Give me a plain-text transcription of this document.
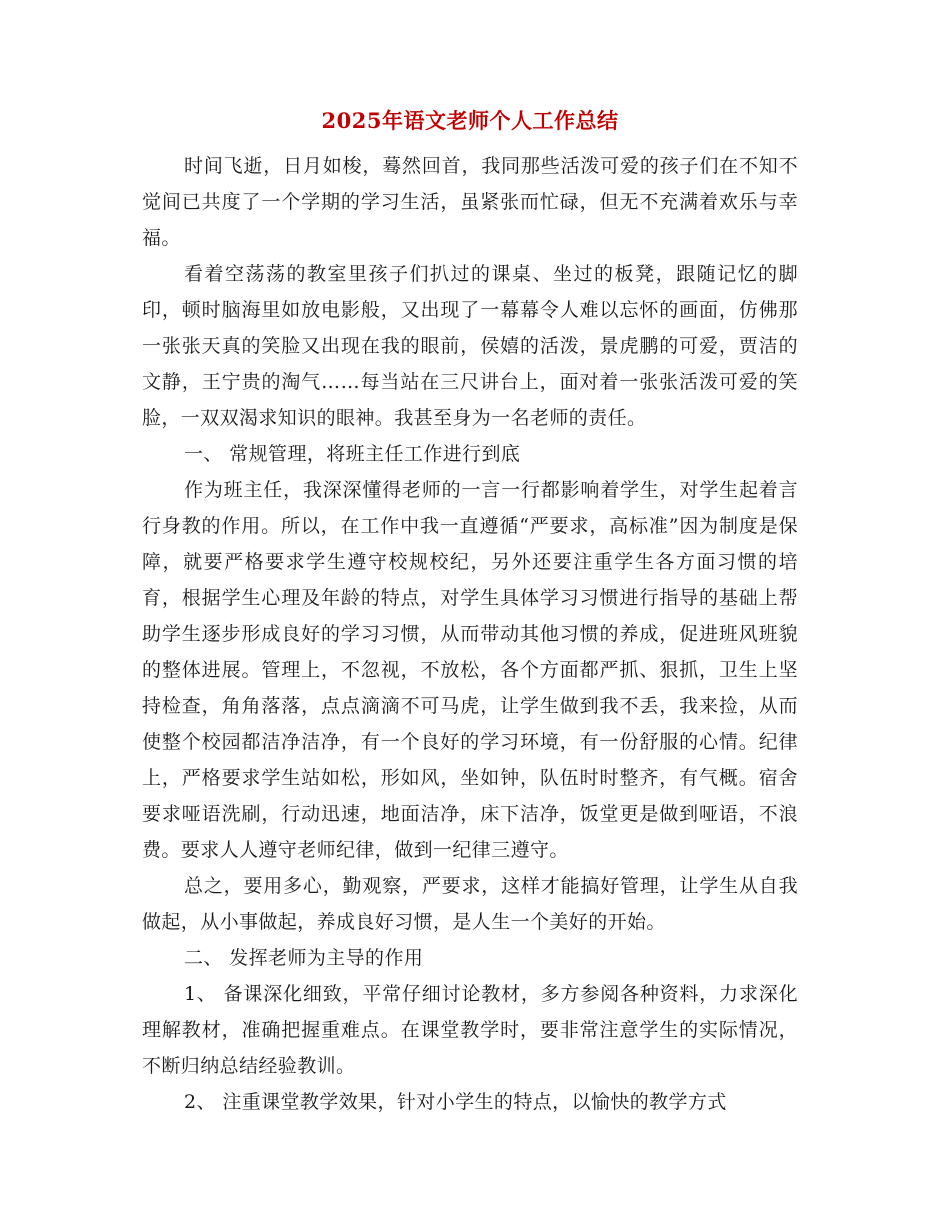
2025年语文老师个人工作总结

时间飞逝，日月如梭，蓦然回首，我同那些活泼可爱的孩子们在不知不觉间已共度了一个学期的学习生活，虽紧张而忙碌，但无不充满着欢乐与幸福。

看着空荡荡的教室里孩子们扒过的课桌、坐过的板凳，跟随记忆的脚印，顿时脑海里如放电影般，又出现了一幕幕令人难以忘怀的画面，仿佛那一张张天真的笑脸又出现在我的眼前，侯嬉的活泼，景虎鹏的可爱，贾洁的文静，王宁贵的淘气……每当站在三尺讲台上，面对着一张张活泼可爱的笑脸，一双双渴求知识的眼神。我甚至身为一名老师的责任。

一、 常规管理，将班主任工作进行到底

作为班主任，我深深懂得老师的一言一行都影响着学生，对学生起着言行身教的作用。所以，在工作中我一直遵循“严要求，高标准”因为制度是保障，就要严格要求学生遵守校规校纪，另外还要注重学生各方面习惯的培育，根据学生心理及年龄的特点，对学生具体学习习惯进行指导的基础上帮助学生逐步形成良好的学习习惯，从而带动其他习惯的养成，促进班风班貌的整体进展。管理上，不忽视，不放松，各个方面都严抓、狠抓，卫生上坚持检查，角角落落，点点滴滴不可马虎，让学生做到我不丢，我来捡，从而使整个校园都洁净洁净，有一个良好的学习环境，有一份舒服的心情。纪律上，严格要求学生站如松，形如风，坐如钟，队伍时时整齐，有气概。宿舍要求哑语洗刷，行动迅速，地面洁净，床下洁净，饭堂更是做到哑语，不浪费。要求人人遵守老师纪律，做到一纪律三遵守。

总之，要用多心，勤观察，严要求，这样才能搞好管理，让学生从自我做起，从小事做起，养成良好习惯，是人生一个美好的开始。

二、 发挥老师为主导的作用

1、 备课深化细致，平常仔细讨论教材，多方参阅各种资料，力求深化理解教材，准确把握重难点。在课堂教学时，要非常注意学生的实际情况，不断归纳总结经验教训。

2、 注重课堂教学效果，针对小学生的特点，以愉快的教学方式
